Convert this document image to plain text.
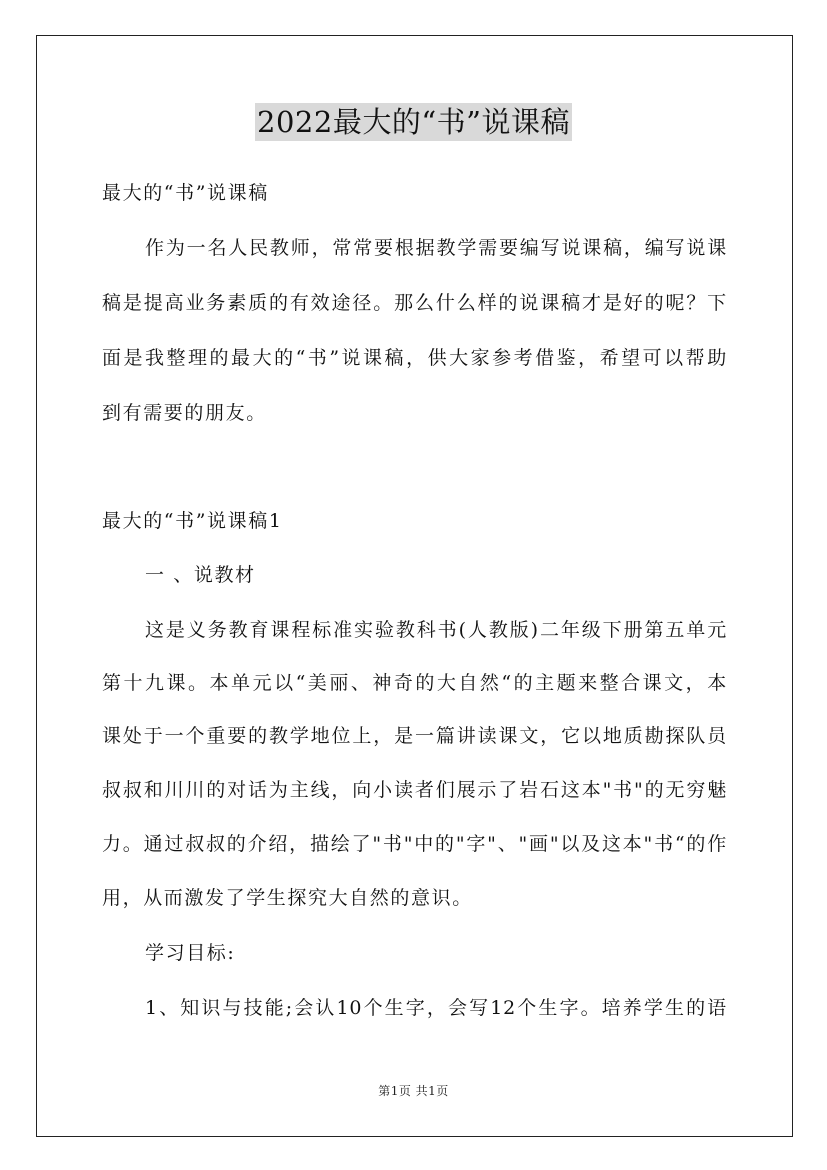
2022最大的“书”说课稿
最大的“书”说课稿
作为一名人民教师，常常要根据教学需要编写说课稿，编写说课
稿是提高业务素质的有效途径。那么什么样的说课稿才是好的呢？下
面是我整理的最大的“书”说课稿，供大家参考借鉴，希望可以帮助
到有需要的朋友。
最大的“书”说课稿1
一 、说教材
这是义务教育课程标准实验教科书(人教版)二年级下册第五单元
第十九课。本单元以“美丽、神奇的大自然“的主题来整合课文，本
课处于一个重要的教学地位上，是一篇讲读课文，它以地质勘探队员
叔叔和川川的对话为主线，向小读者们展示了岩石这本"书"的无穷魅
力。通过叔叔的介绍，描绘了"书"中的"字"、"画"以及这本"书“的作
用，从而激发了学生探究大自然的意识。
学习目标:
1、知识与技能;会认10个生字，会写12个生字。培养学生的语
第1页 共1页
